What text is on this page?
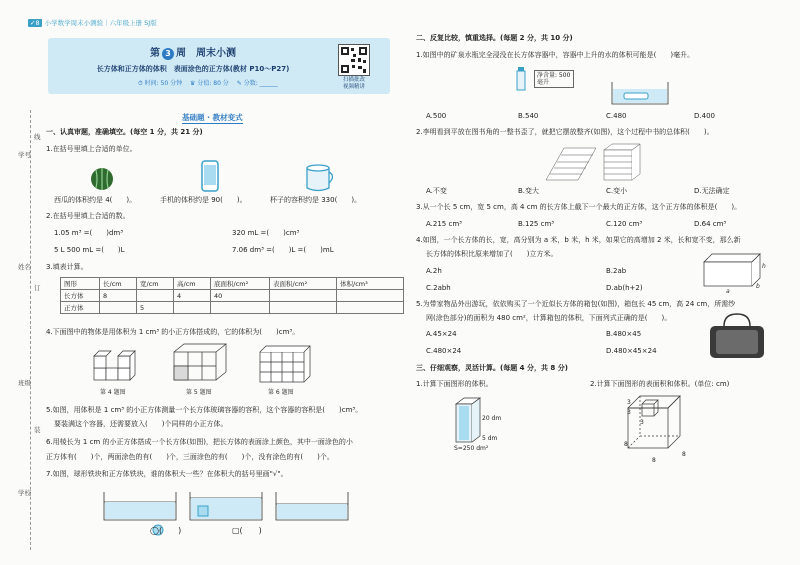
✓8 小学数学周末小测验｜六年级上册 SJ版
第 3 周　周末小测
长方体和正方体的体积　表面涂色的正方体(教材 P10～P27)
⏱ 时间: 50 分钟　 ♛ 分值: 80 分　 ✎ 分数: ______	扫描批改
视频精讲
基础题 · 教材变式
学号
姓名
班级
学校
线
订
装
一、认真审题，准确填空。(每空 1 分，共 21 分)
1.在括号里填上合适的单位。
西瓜的体积约是 4(　　)。	手机的体积约是 90(　　)。	杯子的容积约是 330(　　)。
2.在括号里填上合适的数。
1.05 m³ =(　　)dm³	320 mL =(　　)cm³
5 L 500 mL =(　　)L	7.06 dm³ =(　　)L =(　　)mL
3.填表计算。
图形	长/cm	宽/cm	高/cm	底面积/cm²	表面积/cm²	体积/cm³
长方体	8		4	40		
正方体		5				
4.下面图中的物体是用体积为 1 cm³ 的小正方体搭成的，它的体积为(　　)cm³。
第 4 题图	第 5 题图	第 6 题图
5.如图，用体积是 1 cm³ 的小正方体测量一个长方体玻璃容器的容积，这个容器的容积是(　　)cm³。
要装满这个容器，还需要放入(　　)个同样的小正方体。
6.用棱长为 1 cm 的小正方体搭成一个长方体(如图)，把长方体的表面涂上颜色，其中一面涂色的小
正方体有(　　)个，两面涂色的有(　　)个，三面涂色的有(　　)个，没有涂色的有(　　)个。
7.如图，球形铁块和正方体铁块，谁的体积大一些？在体积大的括号里画"√"。
◯(　　)	▢(　　)
二、反复比较，慎重选择。(每题 2 分，共 10 分)
1.如图中的矿泉水瓶完全浸没在长方体容器中，容器中上升的水的体积可能是(　　)毫升。
净含量: 500 毫升
A.500	B.540	C.480	D.400
2.李明看到平放在图书角的一整书歪了，就把它摆放整齐(如图)，这个过程中书的总体积(　　)。
A.不变	B.变大	C.变小	D.无法确定
3.从一个长 5 cm，宽 5 cm，高 4 cm 的长方体上截下一个最大的正方体，这个正方体的体积是(　　)。
A.215 cm³	B.125 cm³	C.120 cm³	D.64 cm³
4.如图，一个长方体的长，宽，高分别为 a 米，b 米，h 米，如果它的高增加 2 米，长和宽不变，那么新
长方体的体积比原来增加了(　　)立方米。
A.2h	B.2ab
C.2abh	D.ab(h+2)	a
b
h
5.为带家物品外出游玩，依依购买了一个近似长方体的箱包(如图)，箱包长 45 cm，高 24 cm，所需纱
网(涂色部分)的面积为 480 cm²，计算箱包的体积，下面列式正确的是(　　)。
A.45×24	B.480×45
C.480×24	D.480×45×24
三、仔细观察，灵活计算。(每题 4 分，共 8 分)
1.计算下面图形的体积。	2.计算下面图形的表面积和体积。(单位: cm)
20 dm
5 dm
S=250 dm²
3
3
3
8
8
8
